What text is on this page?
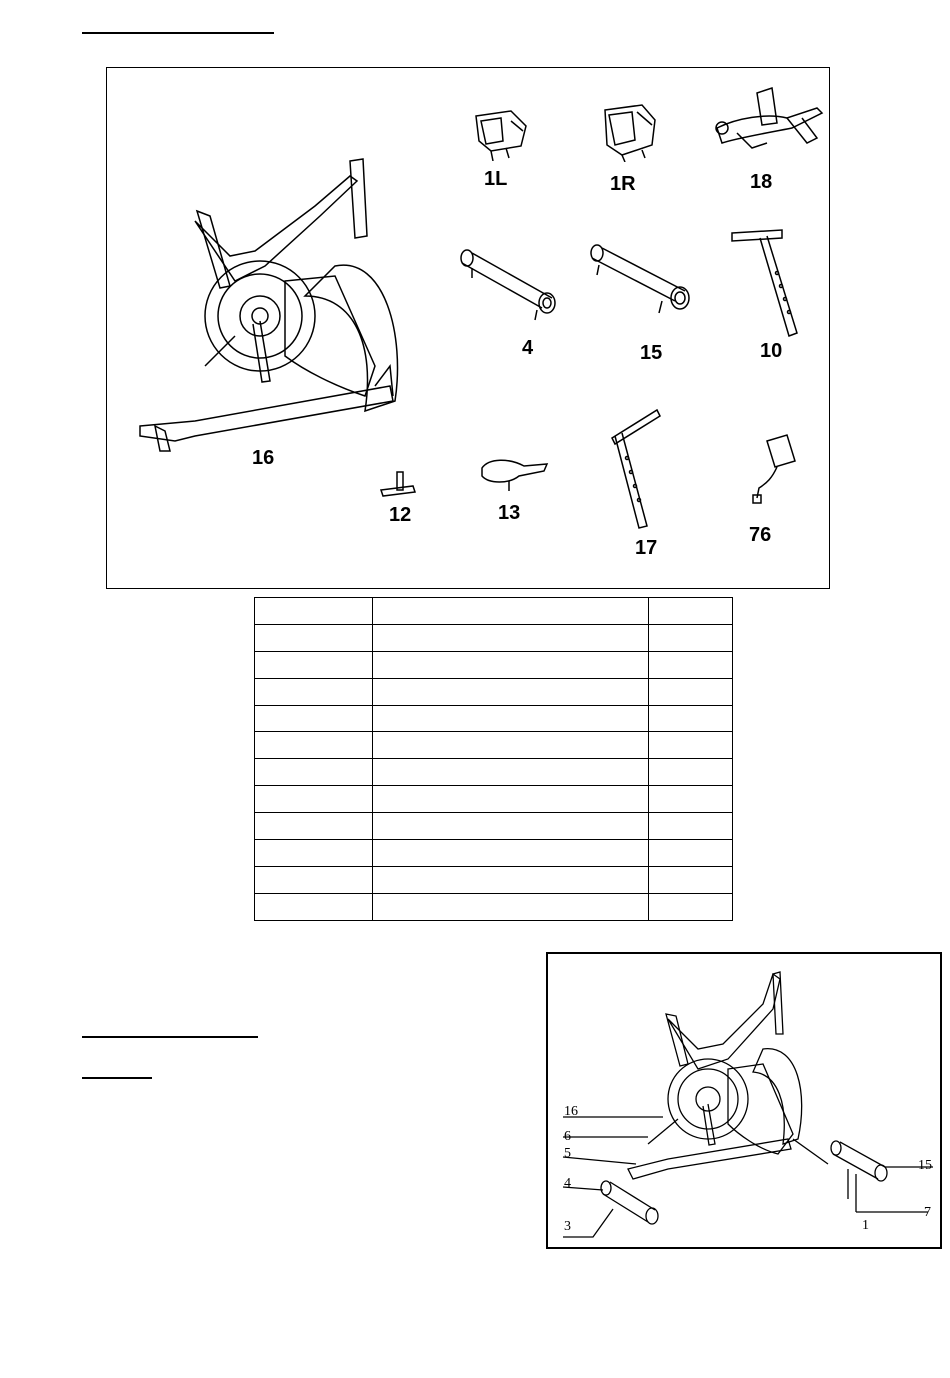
16
1L	1R	18
4	15	10
12	13
17
76

16
6
5
4
3
15
7
1
